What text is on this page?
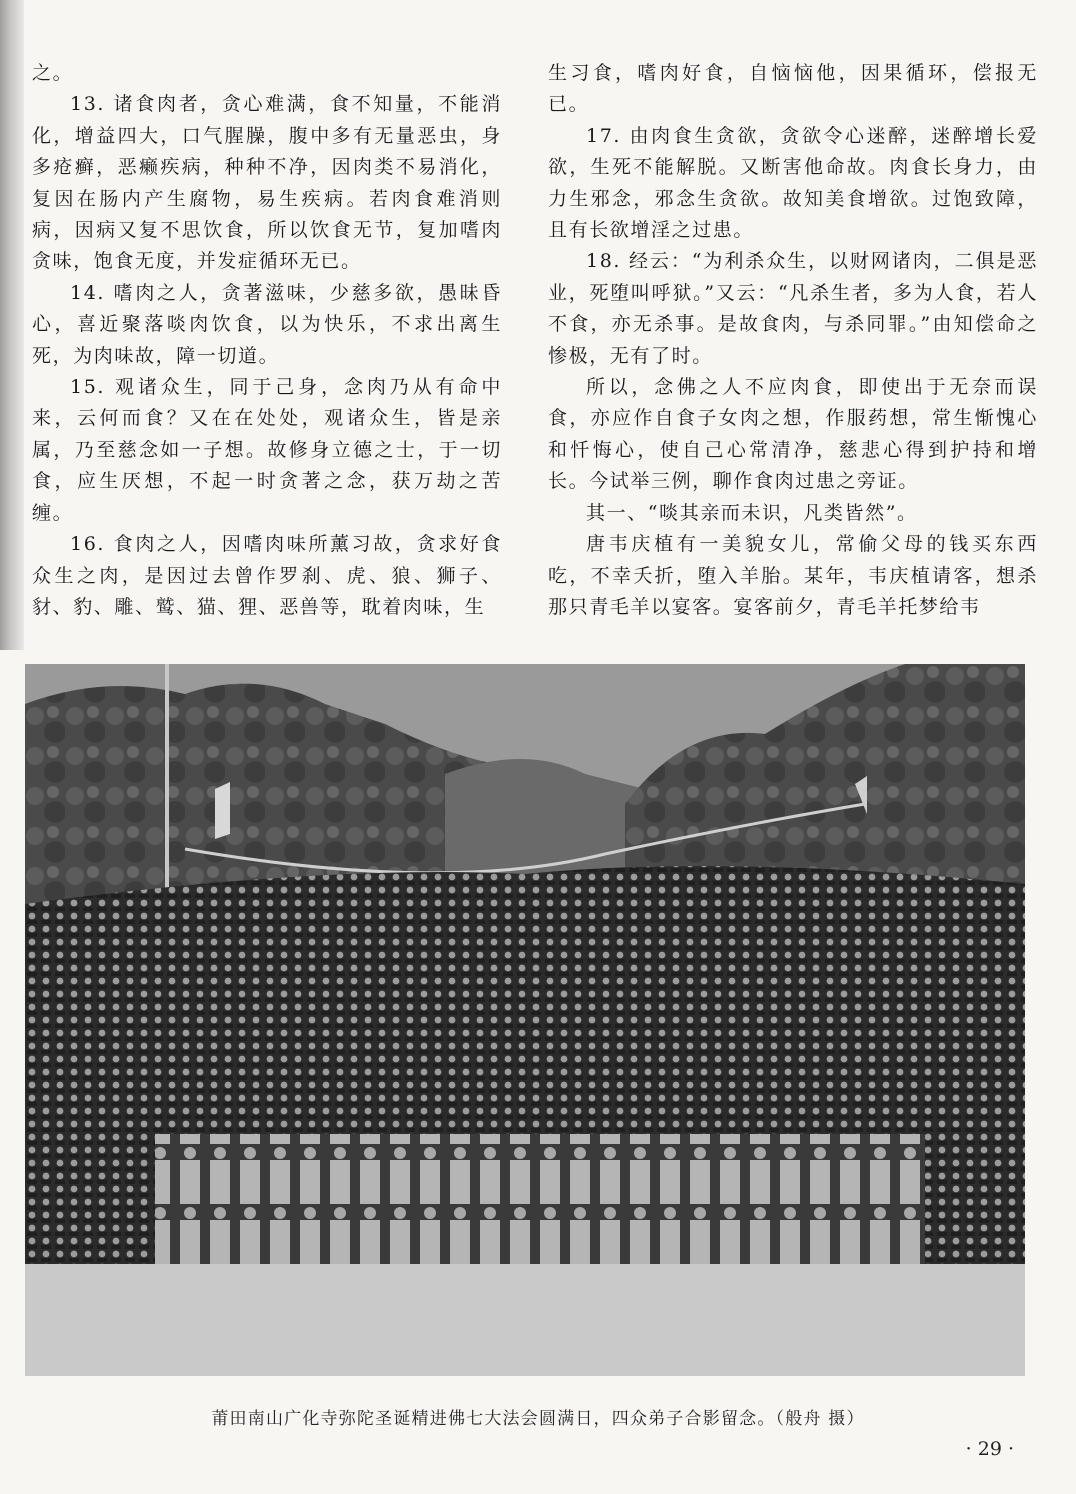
之。

13. 诸食肉者，贪心难满，食不知量，不能消化，增益四大，口气腥臊，腹中多有无量恶虫，身多疮癣，恶癞疾病，种种不净，因肉类不易消化，复因在肠内产生腐物，易生疾病。若肉食难消则病，因病又复不思饮食，所以饮食无节，复加嗜肉贪味，饱食无度，并发症循环无已。

14. 嗜肉之人，贪著滋味，少慈多欲，愚昧昏心，喜近聚落啖肉饮食，以为快乐，不求出离生死，为肉味故，障一切道。

15. 观诸众生，同于己身，念肉乃从有命中来，云何而食？又在在处处，观诸众生，皆是亲属，乃至慈念如一子想。故修身立德之士，于一切食，应生厌想，不起一时贪著之念，获万劫之苦缠。

16. 食肉之人，因嗜肉味所薰习故，贪求好食众生之肉，是因过去曾作罗刹、虎、狼、狮子、豺、豹、雕、鹫、猫、狸、恶兽等，耽着肉味，生

生习食，嗜肉好食，自恼恼他，因果循环，偿报无已。

17. 由肉食生贪欲，贪欲令心迷醉，迷醉增长爱欲，生死不能解脱。又断害他命故。肉食长身力，由力生邪念，邪念生贪欲。故知美食增欲。过饱致障，且有长欲增淫之过患。

18. 经云：“为利杀众生，以财网诸肉，二俱是恶业，死堕叫呼狱。”又云：“凡杀生者，多为人食，若人不食，亦无杀事。是故食肉，与杀同罪。”由知偿命之惨极，无有了时。

所以，念佛之人不应肉食，即使出于无奈而误食，亦应作自食子女肉之想，作服药想，常生惭愧心和忏悔心，使自己心常清净，慈悲心得到护持和增长。今试举三例，聊作食肉过患之旁证。

其一、“啖其亲而未识，凡类皆然”。

唐韦庆植有一美貌女儿，常偷父母的钱买东西吃，不幸夭折，堕入羊胎。某年，韦庆植请客，想杀那只青毛羊以宴客。宴客前夕，青毛羊托梦给韦

莆田南山广化寺弥陀圣诞精进佛七大法会圆满日，四众弟子合影留念。（般舟 摄）
· 29 ·
